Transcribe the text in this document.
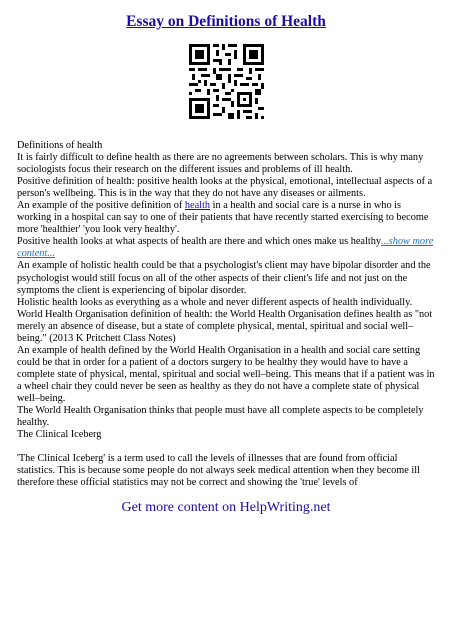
Essay on Definitions of Health

Definitions of health

It is fairly difficult to define health as there are no agreements between scholars. This is why many sociologists focus their research on the different issues and problems of ill health.

Positive definition of health: positive health looks at the physical, emotional, intellectual aspects of a person's wellbeing. This is in the way that they do not have any diseases or ailments.

An example of the positive definition of health in a health and social care is a nurse in who is working in a hospital can say to one of their patients that have recently started exercising to become more 'healthier' 'you look very healthy'.

Positive health looks at what aspects of health are there and which ones make us healthy...show more content...

An example of holistic health could be that a psychologist's client may have bipolar disorder and the psychologist would still focus on all of the other aspects of their client's life and not just on the symptoms the client is experiencing of bipolar disorder.

Holistic health looks as everything as a whole and never different aspects of health individually.

World Health Organisation definition of health: the World Health Organisation defines health as "not merely an absence of disease, but a state of complete physical, mental, spiritual and social well–being." (2013 K Pritchett Class Notes)

An example of health defined by the World Health Organisation in a health and social care setting could be that in order for a patient of a doctors surgery to be healthy they would have to have a complete state of physical, mental, spiritual and social well–being. This means that if a patient was in a wheel chair they could never be seen as healthy as they do not have a complete state of physical well–being.

The World Health Organisation thinks that people must have all complete aspects to be completely healthy.

The Clinical Iceberg

'The Clinical Iceberg' is a term used to call the levels of illnesses that are found from official statistics. This is because some people do not always seek medical attention when they become ill therefore these official statistics may not be correct and showing the 'true' levels of

Get more content on HelpWriting.net
